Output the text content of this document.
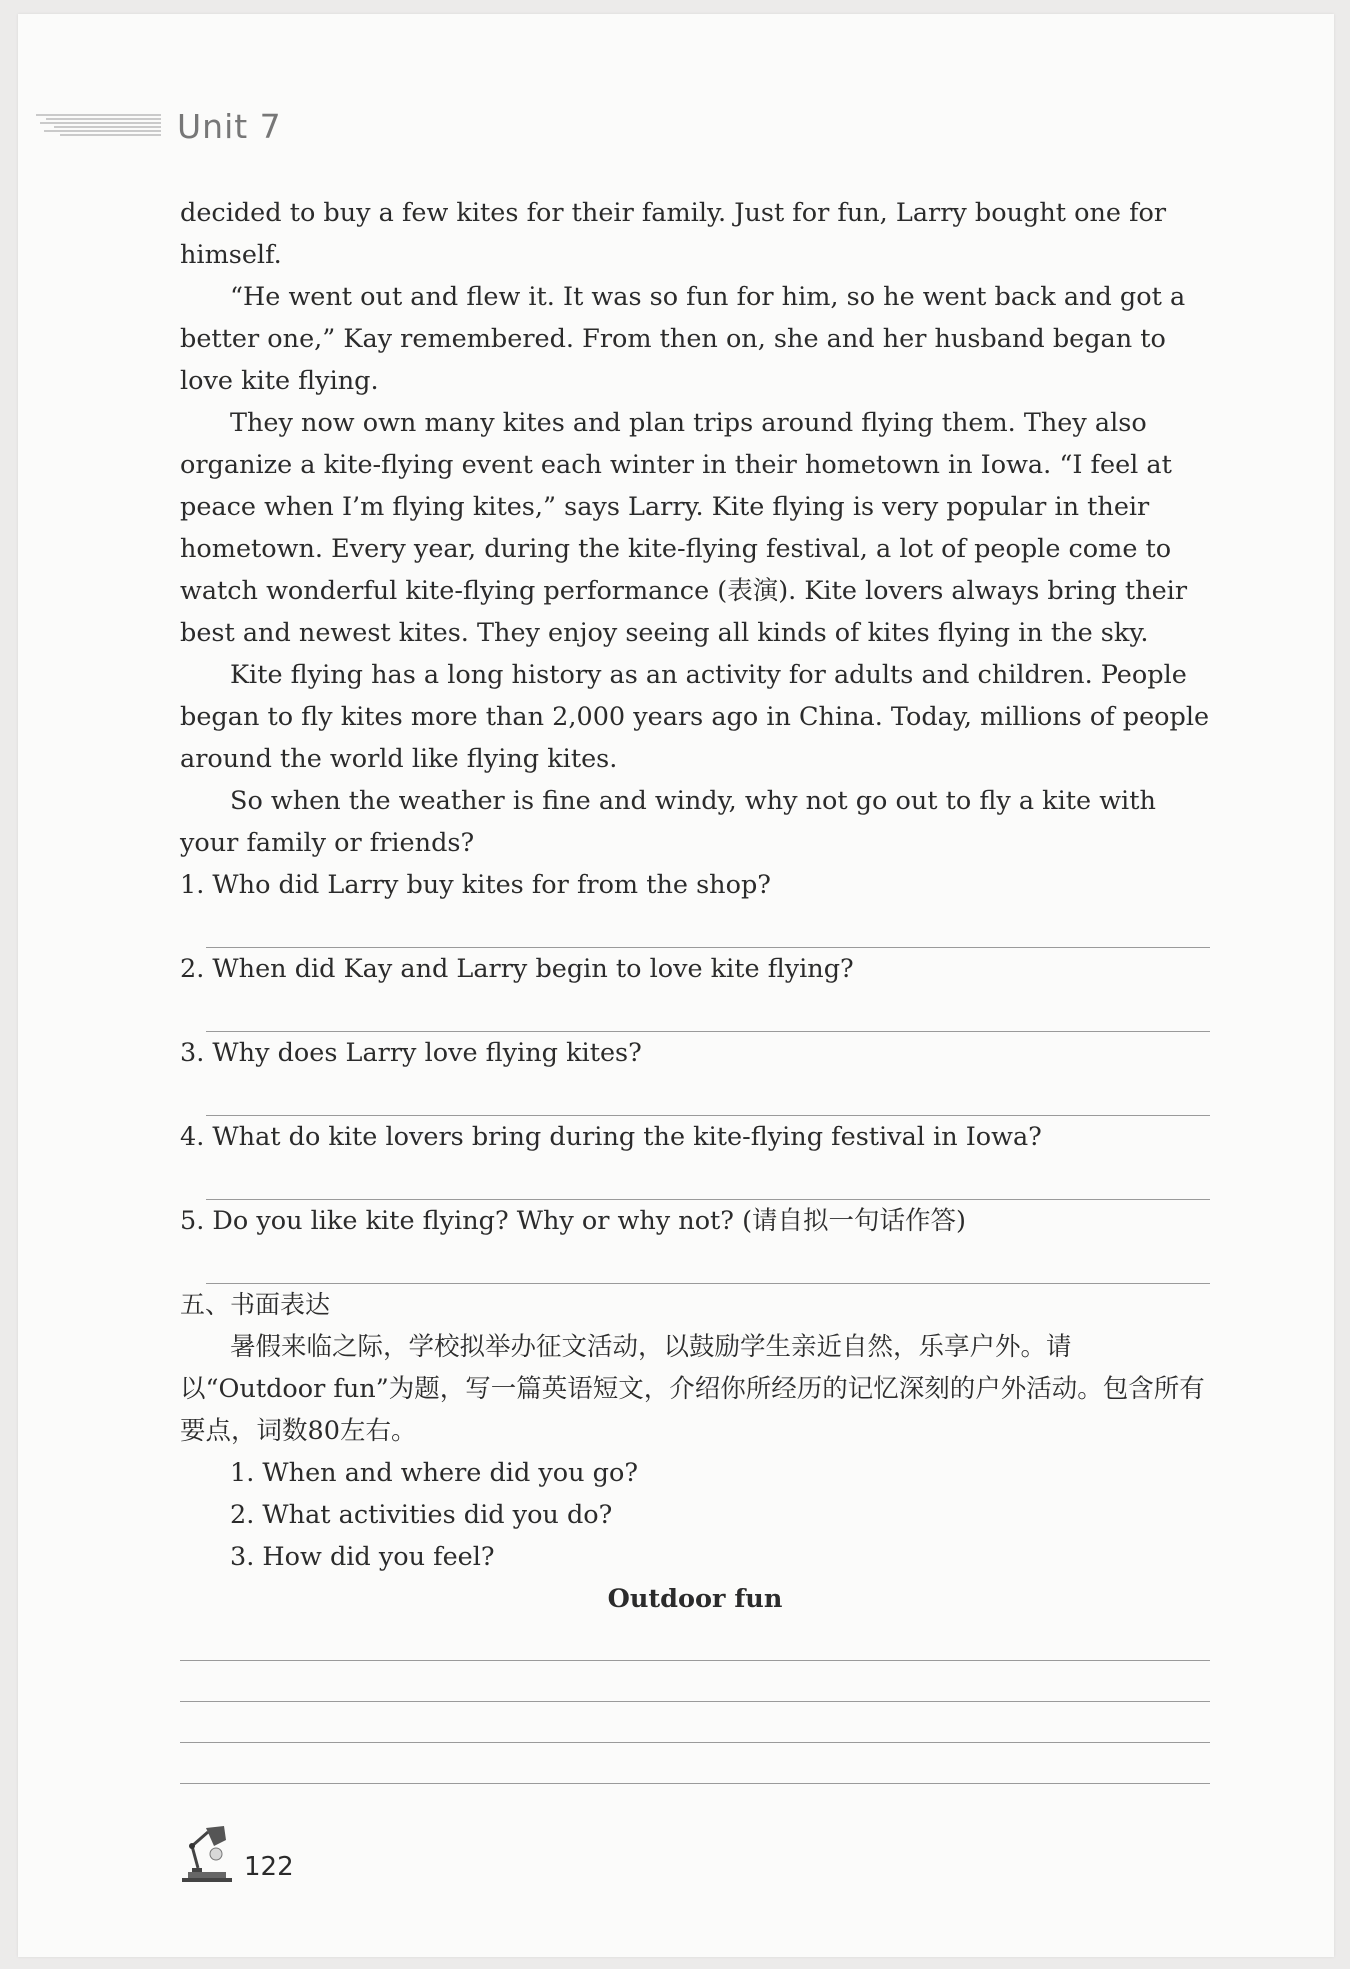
Unit 7

decided to buy a few kites for their family. Just for fun, Larry bought one for himself.

“He went out and flew it. It was so fun for him, so he went back and got a better one,” Kay remembered. From then on, she and her husband began to love kite flying.

They now own many kites and plan trips around flying them. They also organize a kite-flying event each winter in their hometown in Iowa. “I feel at peace when I’m flying kites,” says Larry. Kite flying is very popular in their hometown. Every year, during the kite-flying festival, a lot of people come to watch wonderful kite-flying performance (表演). Kite lovers always bring their best and newest kites. They enjoy seeing all kinds of kites flying in the sky.

Kite flying has a long history as an activity for adults and children. People began to fly kites more than 2,000 years ago in China. Today, millions of people around the world like flying kites.

So when the weather is fine and windy, why not go out to fly a kite with your family or friends?

1. Who did Larry buy kites for from the shop?

2. When did Kay and Larry begin to love kite flying?

3. Why does Larry love flying kites?

4. What do kite lovers bring during the kite-flying festival in Iowa?

5. Do you like kite flying? Why or why not? (请自拟一句话作答)

五、书面表达

暑假来临之际，学校拟举办征文活动，以鼓励学生亲近自然，乐享户外。请以“Outdoor fun”为题，写一篇英语短文，介绍你所经历的记忆深刻的户外活动。包含所有要点，词数80左右。

1. When and where did you go?

2. What activities did you do?

3. How did you feel?

Outdoor fun

122
